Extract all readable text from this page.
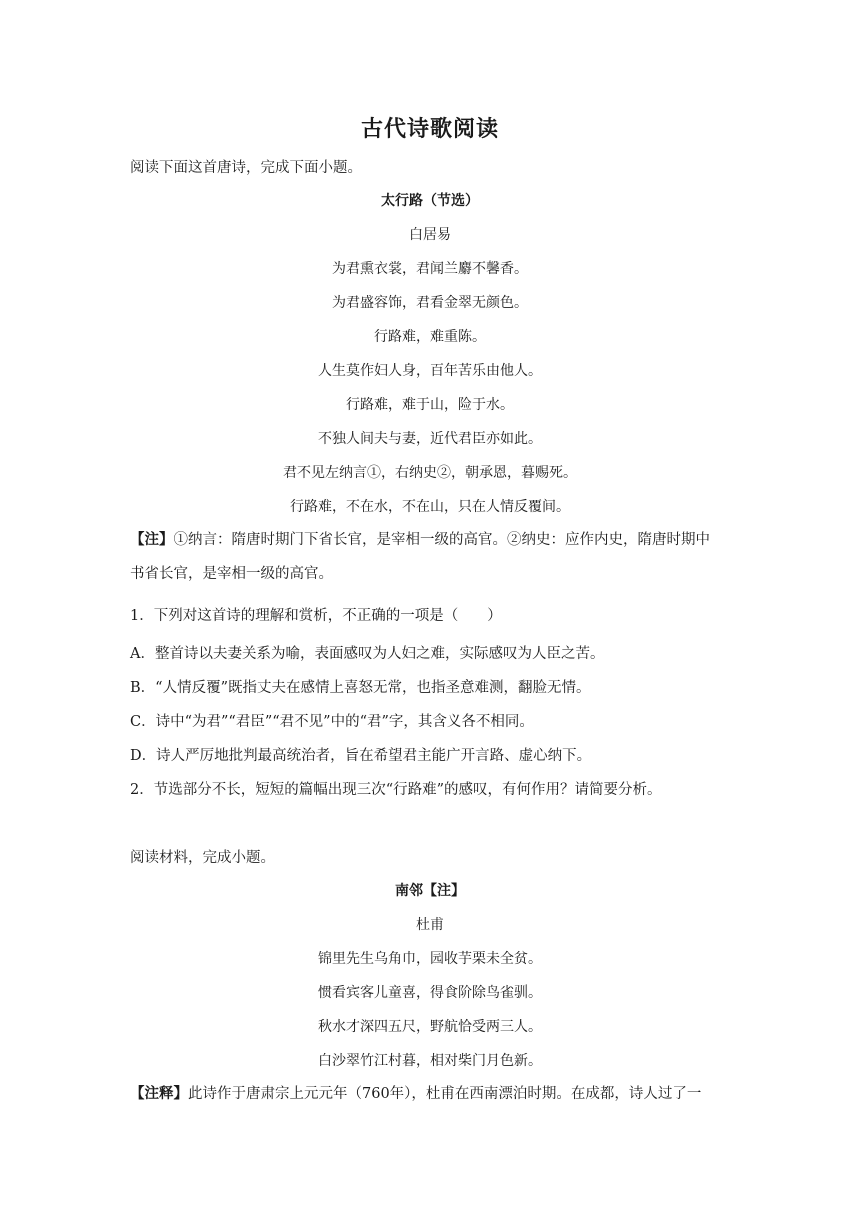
古代诗歌阅读
阅读下面这首唐诗，完成下面小题。
太行路（节选）
白居易
为君熏衣裳，君闻兰麝不馨香。
为君盛容饰，君看金翠无颜色。
行路难，难重陈。
人生莫作妇人身，百年苦乐由他人。
行路难，难于山，险于水。
不独人间夫与妻，近代君臣亦如此。
君不见左纳言①，右纳史②，朝承恩，暮赐死。
行路难，不在水，不在山，只在人情反覆间。
【注】①纳言：隋唐时期门下省长官，是宰相一级的高官。②纳史：应作内史，隋唐时期中
书省长官，是宰相一级的高官。
1．下列对这首诗的理解和赏析，不正确的一项是（　　）
A．整首诗以夫妻关系为喻，表面感叹为人妇之难，实际感叹为人臣之苦。
B．“人情反覆”既指丈夫在感情上喜怒无常，也指圣意难测，翻脸无情。
C．诗中“为君”“君臣”“君不见”中的“君”字，其含义各不相同。
D．诗人严厉地批判最高统治者，旨在希望君主能广开言路、虚心纳下。
2．节选部分不长，短短的篇幅出现三次“行路难”的感叹，有何作用？请简要分析。
阅读材料，完成小题。
南邻【注】
杜甫
锦里先生乌角巾，园收芋栗未全贫。
惯看宾客儿童喜，得食阶除鸟雀驯。
秋水才深四五尺，野航恰受两三人。
白沙翠竹江村暮，相对柴门月色新。
【注释】此诗作于唐肃宗上元元年（760年），杜甫在西南漂泊时期。在成都，诗人过了一
